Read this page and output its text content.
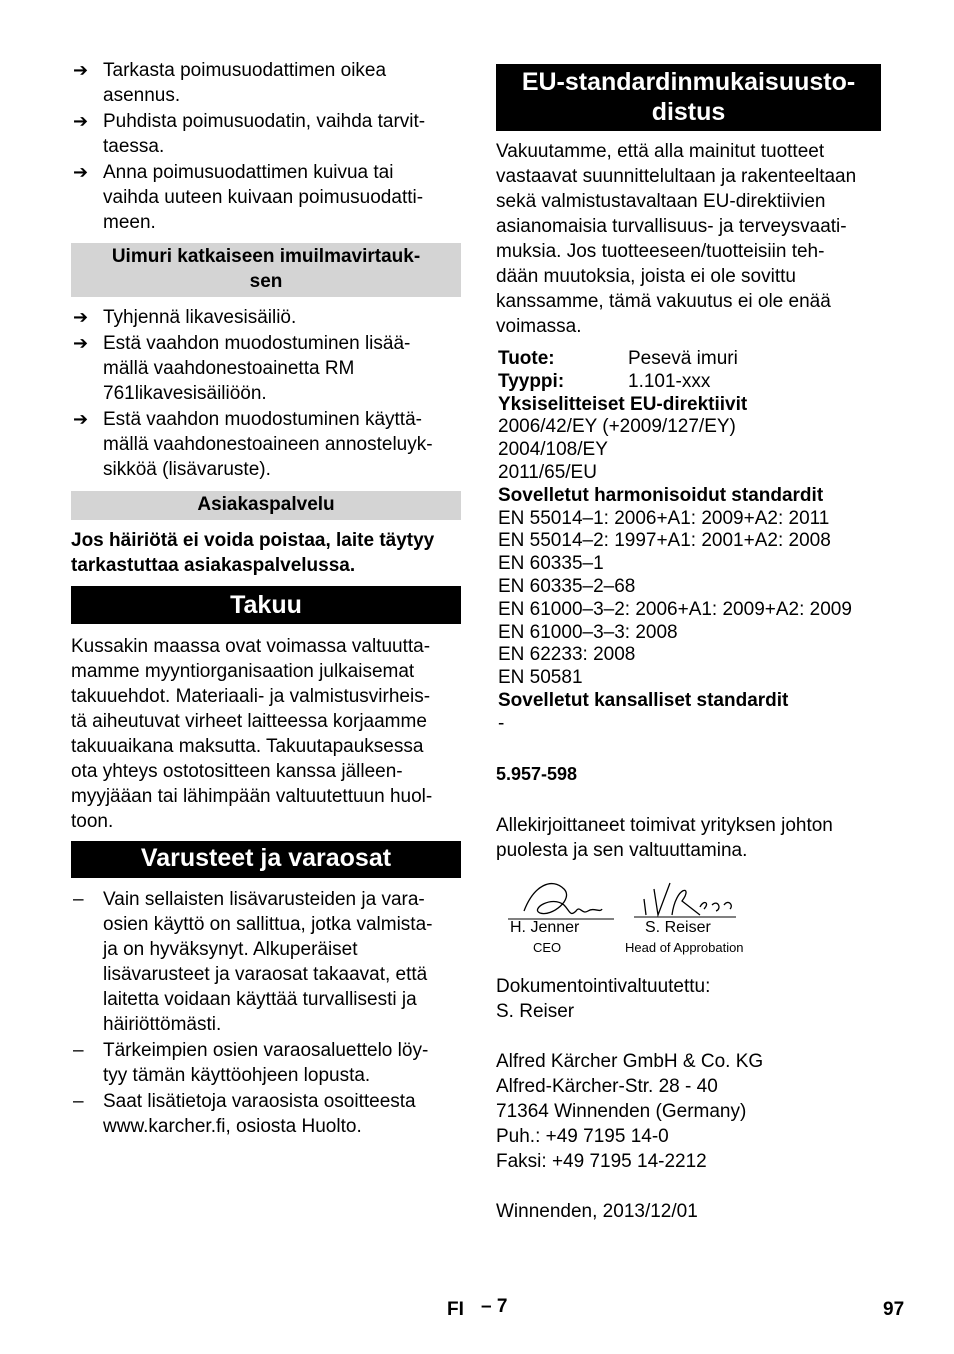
➔ Tarkasta poimusuodattimen oikea
asennus.
➔ Puhdista poimusuodatin, vaihda tarvit-
taessa.
➔ Anna poimusuodattimen kuivua tai
vaihda uuteen kuivaan poimusuodatti-
meen.
Uimuri katkaiseen imuilmavirtauk-
sen
➔ Tyhjennä likavesisäiliö.
➔ Estä vaahdon muodostuminen lisää-
mällä vaahdonestoainetta RM
761likavesisäiliöön.
➔ Estä vaahdon muodostuminen käyttä-
mällä vaahdonestoaineen annosteluyk-
sikköä (lisävaruste).
Asiakaspalvelu
Jos häiriötä ei voida poistaa, laite täytyy
tarkastuttaa asiakaspalvelussa.
Takuu
Kussakin maassa ovat voimassa valtuutta-
mamme myyntiorganisaation julkaisemat
takuuehdot. Materiaali- ja valmistusvirheis-
tä aiheutuvat virheet laitteessa korjaamme
takuuaikana maksutta. Takuutapauksessa
ota yhteys ostotositteen kanssa jälleen-
myyjääan tai lähimpään valtuutettuun huol-
toon.
Varusteet ja varaosat
– Vain sellaisten lisävarusteiden ja vara-
osien käyttö on sallittua, jotka valmista-
ja on hyväksynyt. Alkuperäiset
lisävarusteet ja varaosat takaavat, että
laitetta voidaan käyttää turvallisesti ja
häiriöttömästi.
– Tärkeimpien osien varaosaluettelo löy-
tyy tämän käyttöohjeen lopusta.
– Saat lisätietoja varaosista osoitteesta
www.karcher.fi, osiosta Huolto.
EU-standardinmukaisuusto-
distus
Vakuutamme, että alla mainitut tuotteet
vastaavat suunnittelultaan ja rakenteeltaan
sekä valmistustavaltaan EU-direktiivien
asianomaisia turvallisuus- ja terveysvaati-
muksia. Jos tuotteeseen/tuotteisiin teh-
dään muutoksia, joista ei ole sovittu
kanssamme, tämä vakuutus ei ole enää
voimassa.
Tuote:	Pesevä imuri
Tyyppi:	1.101-xxx
Yksiselitteiset EU-direktiivit
2006/42/EY (+2009/127/EY)
2004/108/EY
2011/65/EU
Sovelletut harmonisoidut standardit
EN 55014–1: 2006+A1: 2009+A2: 2011
EN 55014–2: 1997+A1: 2001+A2: 2008
EN 60335–1
EN 60335–2–68
EN 61000–3–2: 2006+A1: 2009+A2: 2009
EN 61000–3–3: 2008
EN 62233: 2008
EN 50581
Sovelletut kansalliset standardit
-

5.957-598

Allekirjoittaneet toimivat yrityksen johton
puolesta ja sen valtuuttamina.
H. Jenner
CEO
S. Reiser
Head of Approbation
Dokumentointivaltuutettu:
S. Reiser
Alfred Kärcher GmbH & Co. KG
Alfred-Kärcher-Str. 28 - 40
71364 Winnenden (Germany)
Puh.: +49 7195 14-0
Faksi: +49 7195 14-2212

Winnenden, 2013/12/01

FI – 7	97
